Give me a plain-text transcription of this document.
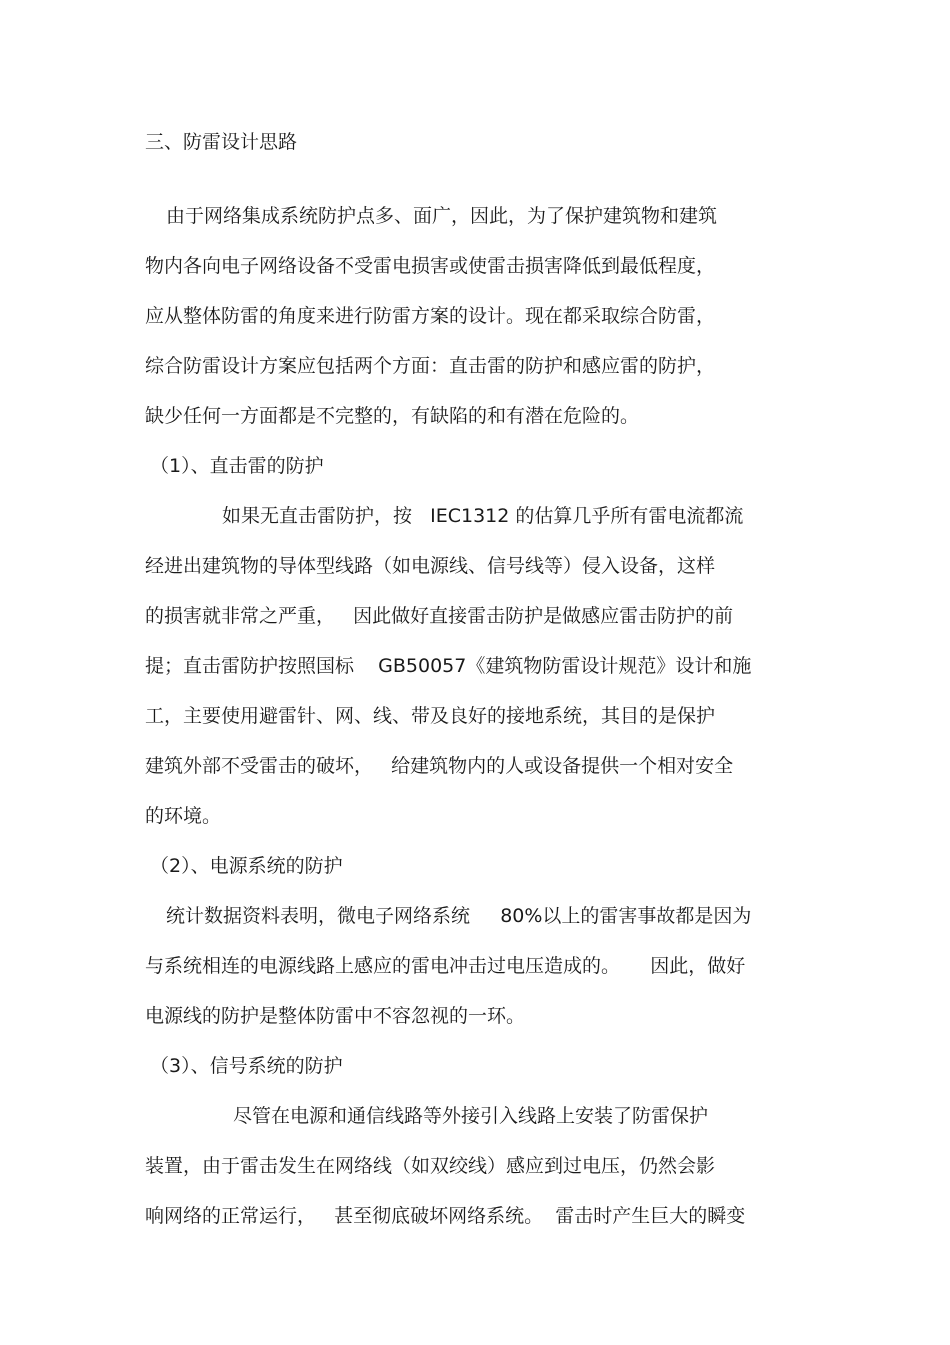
三、防雷设计思路

由于网络集成系统防护点多、面广，因此，为了保护建筑物和建筑

物内各向电子网络设备不受雷电损害或使雷击损害降低到最低程度，

应从整体防雷的角度来进行防雷方案的设计。现在都采取综合防雷，

综合防雷设计方案应包括两个方面：直击雷的防护和感应雷的防护，

缺少任何一方面都是不完整的，有缺陷的和有潜在危险的。

（1）、直击雷的防护

如果无直击雷防护，按   IEC1312 的估算几乎所有雷电流都流

经进出建筑物的导体型线路（如电源线、信号线等）侵入设备，这样

的损害就非常之严重，   因此做好直接雷击防护是做感应雷击防护的前

提；直击雷防护按照国标    GB50057《建筑物防雷设计规范》设计和施

工，主要使用避雷针、网、线、带及良好的接地系统，其目的是保护

建筑外部不受雷击的破坏，   给建筑物内的人或设备提供一个相对安全

的环境。

（2）、电源系统的防护

统计数据资料表明，微电子网络系统     80%以上的雷害事故都是因为

与系统相连的电源线路上感应的雷电冲击过电压造成的。     因此，做好

电源线的防护是整体防雷中不容忽视的一环。

（3）、信号系统的防护

尽管在电源和通信线路等外接引入线路上安装了防雷保护

装置，由于雷击发生在网络线（如双绞线）感应到过电压，仍然会影

响网络的正常运行，   甚至彻底破坏网络系统。  雷击时产生巨大的瞬变
